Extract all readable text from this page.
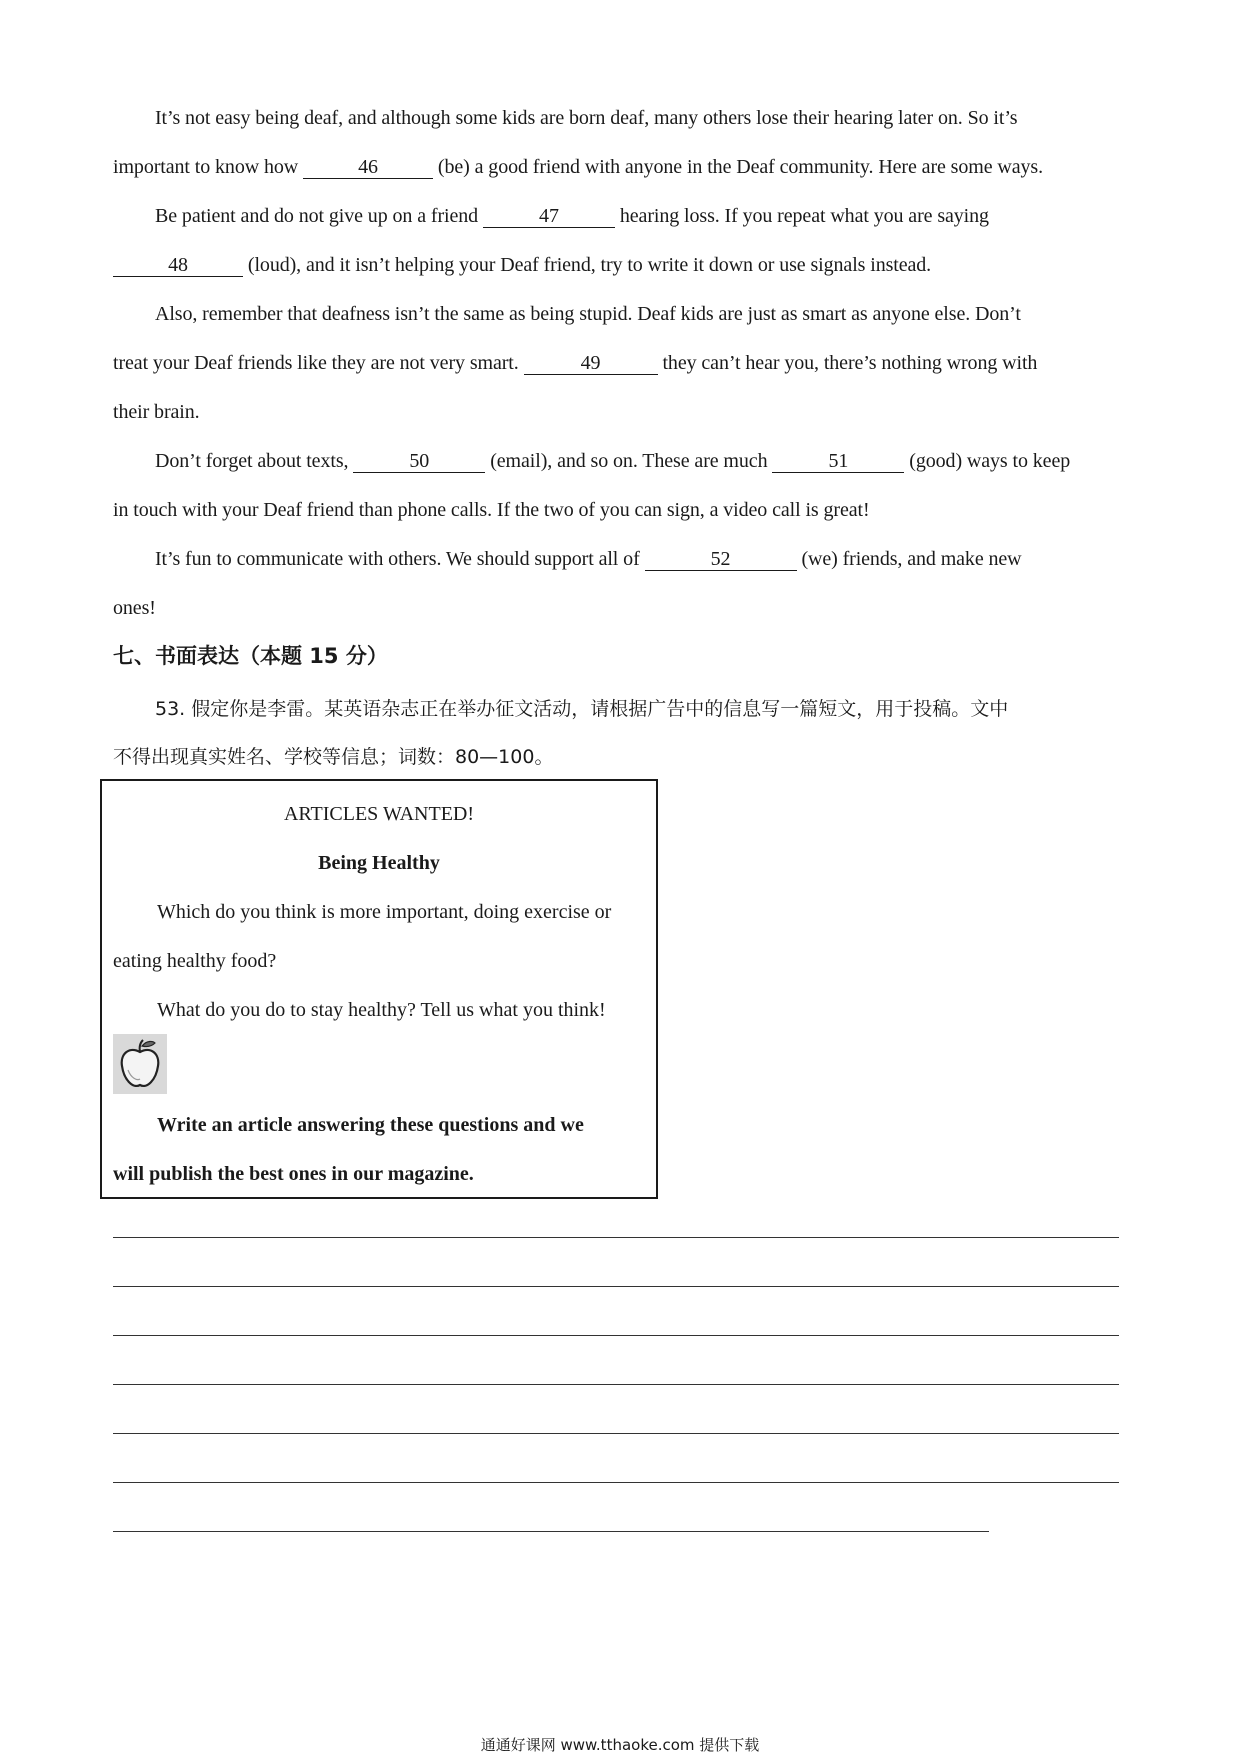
It’s not easy being deaf, and although some kids are born deaf, many others lose their hearing later on. So it’s
important to know how	46	(be) a good friend with anyone in the Deaf community. Here are some ways.
Be patient and do not give up on a friend	47	hearing loss. If you repeat what you are saying
48	(loud), and it isn’t helping your Deaf friend, try to write it down or use signals instead.
Also, remember that deafness isn’t the same as being stupid. Deaf kids are just as smart as anyone else. Don’t
treat your Deaf friends like they are not very smart.	49	they can’t hear you, there’s nothing wrong with
their brain.
Don’t forget about texts,	50	(email), and so on. These are much	51	(good) ways to keep
in touch with your Deaf friend than phone calls. If the two of you can sign, a video call is great!
It’s fun to communicate with others. We should support all of	52	(we) friends, and make new
ones!
七、书面表达（本题 15 分）
53. 假定你是李雷。某英语杂志正在举办征文活动，请根据广告中的信息写一篇短文，用于投稿。文中
不得出现真实姓名、学校等信息；词数：80—100。
ARTICLES WANTED!
Being Healthy
Which do you think is more important, doing exercise or
eating healthy food?
What do you do to stay healthy? Tell us what you think!
Write an article answering these questions and we
will publish the best ones in our magazine.
通通好课网 www.tthaoke.com 提供下载
